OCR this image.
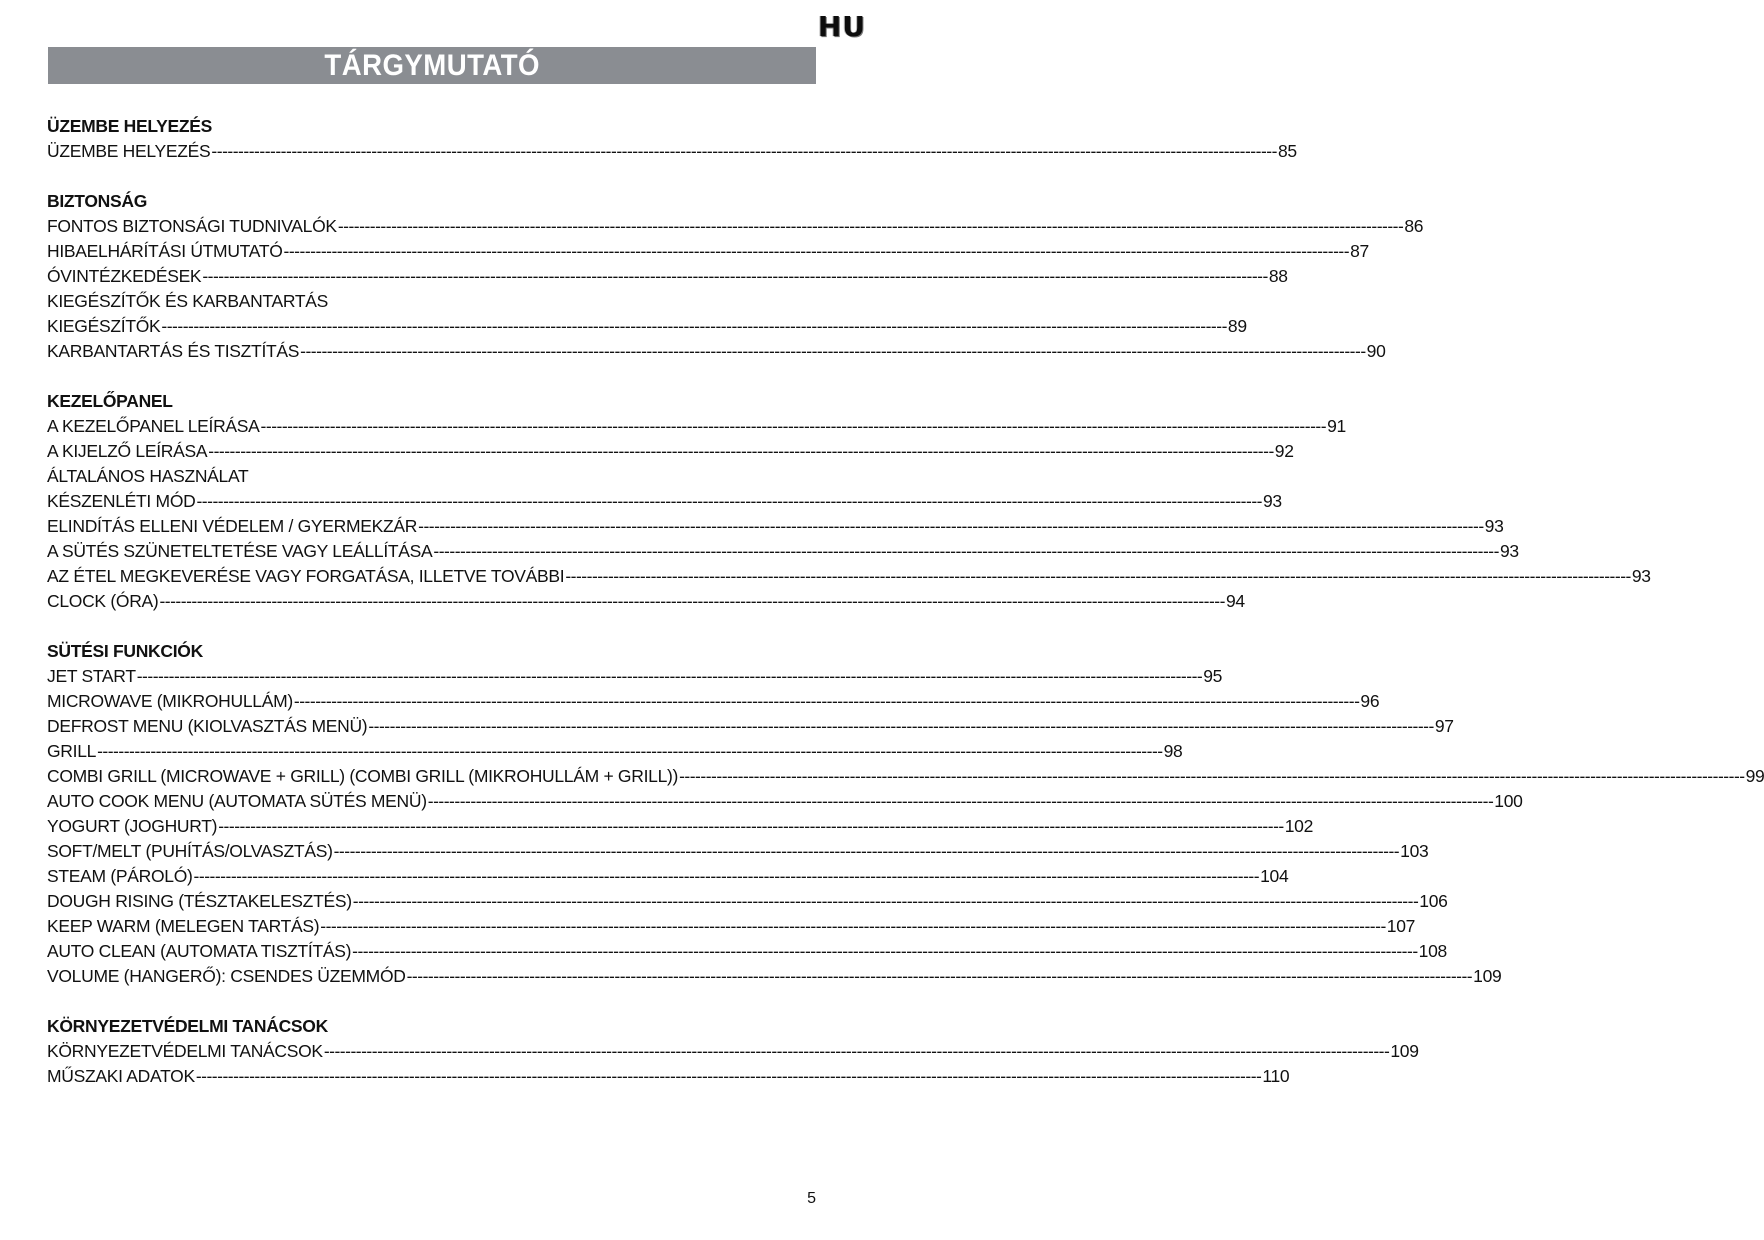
HU
TÁRGYMUTATÓ
ÜZEMBE HELYEZÉS
ÜZEMBE HELYEZÉS -------------------------------------------------------------------------------------------------------------------------------------------------------------------------------------------------------- 85
BIZTONSÁG
FONTOS BIZTONSÁGI TUDNIVALÓK -------------------------------------------------------------------------------------------------------------------------------------------------------------------------------------------------------- 86
HIBAELHÁRÍTÁSI ÚTMUTATÓ -------------------------------------------------------------------------------------------------------------------------------------------------------------------------------------------------------- 87
ÓVINTÉZKEDÉSEK -------------------------------------------------------------------------------------------------------------------------------------------------------------------------------------------------------- 88
KIEGÉSZÍTŐK ÉS KARBANTARTÁS
KIEGÉSZÍTŐK -------------------------------------------------------------------------------------------------------------------------------------------------------------------------------------------------------- 89
KARBANTARTÁS ÉS TISZTÍTÁS -------------------------------------------------------------------------------------------------------------------------------------------------------------------------------------------------------- 90
KEZELŐPANEL
A KEZELŐPANEL LEÍRÁSA -------------------------------------------------------------------------------------------------------------------------------------------------------------------------------------------------------- 91
A KIJELZŐ LEÍRÁSA -------------------------------------------------------------------------------------------------------------------------------------------------------------------------------------------------------- 92
ÁLTALÁNOS HASZNÁLAT
KÉSZENLÉTI MÓD -------------------------------------------------------------------------------------------------------------------------------------------------------------------------------------------------------- 93
ELINDÍTÁS ELLENI VÉDELEM / GYERMEKZÁR -------------------------------------------------------------------------------------------------------------------------------------------------------------------------------------------------------- 93
A SÜTÉS SZÜNETELTETÉSE VAGY LEÁLLÍTÁSA -------------------------------------------------------------------------------------------------------------------------------------------------------------------------------------------------------- 93
AZ ÉTEL MEGKEVERÉSE VAGY FORGATÁSA, ILLETVE TOVÁBBI -------------------------------------------------------------------------------------------------------------------------------------------------------------------------------------------------------- 93
CLOCK (ÓRA) -------------------------------------------------------------------------------------------------------------------------------------------------------------------------------------------------------- 94
SÜTÉSI FUNKCIÓK
JET START -------------------------------------------------------------------------------------------------------------------------------------------------------------------------------------------------------- 95
MICROWAVE (MIKROHULLÁM) -------------------------------------------------------------------------------------------------------------------------------------------------------------------------------------------------------- 96
DEFROST MENU (KIOLVASZTÁS MENÜ) -------------------------------------------------------------------------------------------------------------------------------------------------------------------------------------------------------- 97
GRILL -------------------------------------------------------------------------------------------------------------------------------------------------------------------------------------------------------- 98
COMBI GRILL (MICROWAVE + GRILL) (COMBI GRILL (MIKROHULLÁM + GRILL)) -------------------------------------------------------------------------------------------------------------------------------------------------------------------------------------------------------- 99
AUTO COOK MENU (AUTOMATA SÜTÉS MENÜ) -------------------------------------------------------------------------------------------------------------------------------------------------------------------------------------------------------- 100
YOGURT (JOGHURT) -------------------------------------------------------------------------------------------------------------------------------------------------------------------------------------------------------- 102
SOFT/MELT (PUHÍTÁS/OLVASZTÁS) -------------------------------------------------------------------------------------------------------------------------------------------------------------------------------------------------------- 103
STEAM (PÁROLÓ) -------------------------------------------------------------------------------------------------------------------------------------------------------------------------------------------------------- 104
DOUGH RISING (TÉSZTAKELESZTÉS) -------------------------------------------------------------------------------------------------------------------------------------------------------------------------------------------------------- 106
KEEP WARM (MELEGEN TARTÁS) -------------------------------------------------------------------------------------------------------------------------------------------------------------------------------------------------------- 107
AUTO CLEAN (AUTOMATA TISZTÍTÁS) -------------------------------------------------------------------------------------------------------------------------------------------------------------------------------------------------------- 108
VOLUME (HANGERŐ): CSENDES ÜZEMMÓD -------------------------------------------------------------------------------------------------------------------------------------------------------------------------------------------------------- 109
KÖRNYEZETVÉDELMI TANÁCSOK
KÖRNYEZETVÉDELMI TANÁCSOK -------------------------------------------------------------------------------------------------------------------------------------------------------------------------------------------------------- 109
MŰSZAKI ADATOK -------------------------------------------------------------------------------------------------------------------------------------------------------------------------------------------------------- 110
5
